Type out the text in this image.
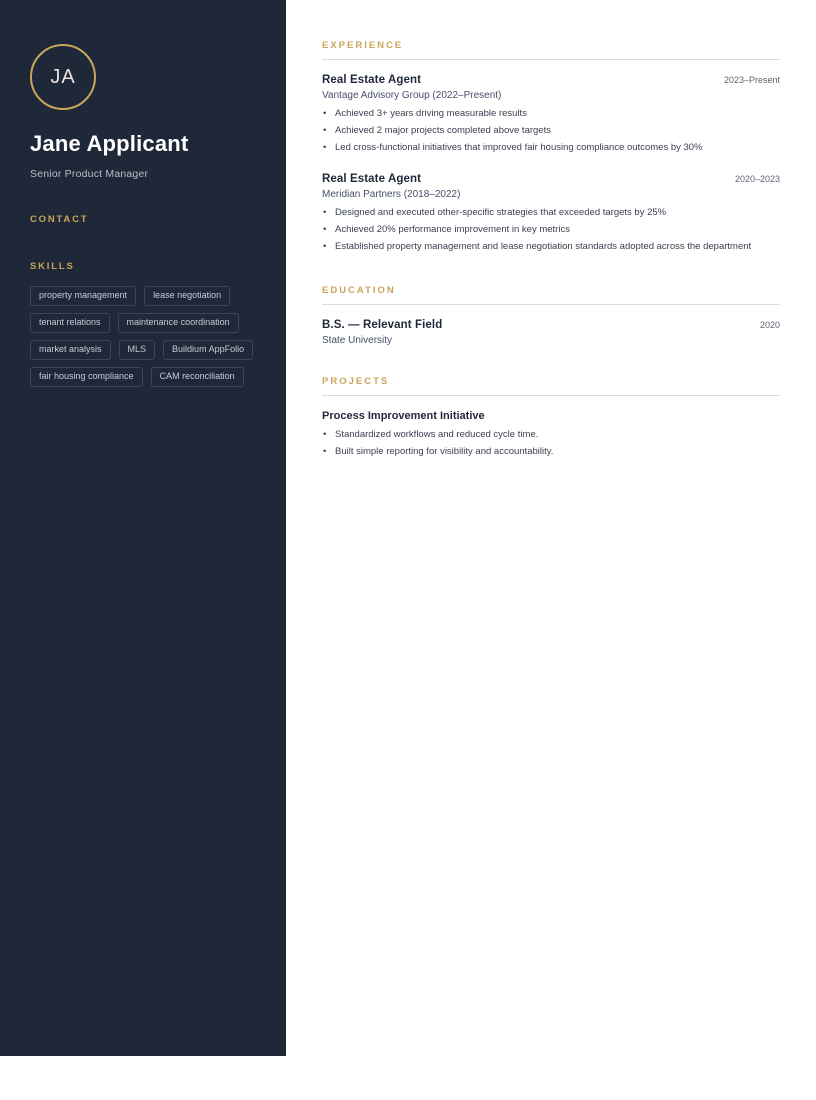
JA
Jane Applicant
Senior Product Manager
CONTACT
SKILLS
property management	lease negotiation
tenant relations	maintenance coordination
market analysis	MLS	Buildium AppFolio
fair housing compliance	CAM reconciliation
EXPERIENCE
Real Estate Agent	2023–Present
Vantage Advisory Group (2022–Present)
• Achieved 3+ years driving measurable results
• Achieved 2 major projects completed above targets
• Led cross-functional initiatives that improved fair housing compliance outcomes by 30%
Real Estate Agent	2020–2023
Meridian Partners (2018–2022)
• Designed and executed other-specific strategies that exceeded targets by 25%
• Achieved 20% performance improvement in key metrics
• Established property management and lease negotiation standards adopted across the department
EDUCATION
B.S. — Relevant Field	2020
State University
PROJECTS
Process Improvement Initiative
• Standardized workflows and reduced cycle time.
• Built simple reporting for visibility and accountability.
